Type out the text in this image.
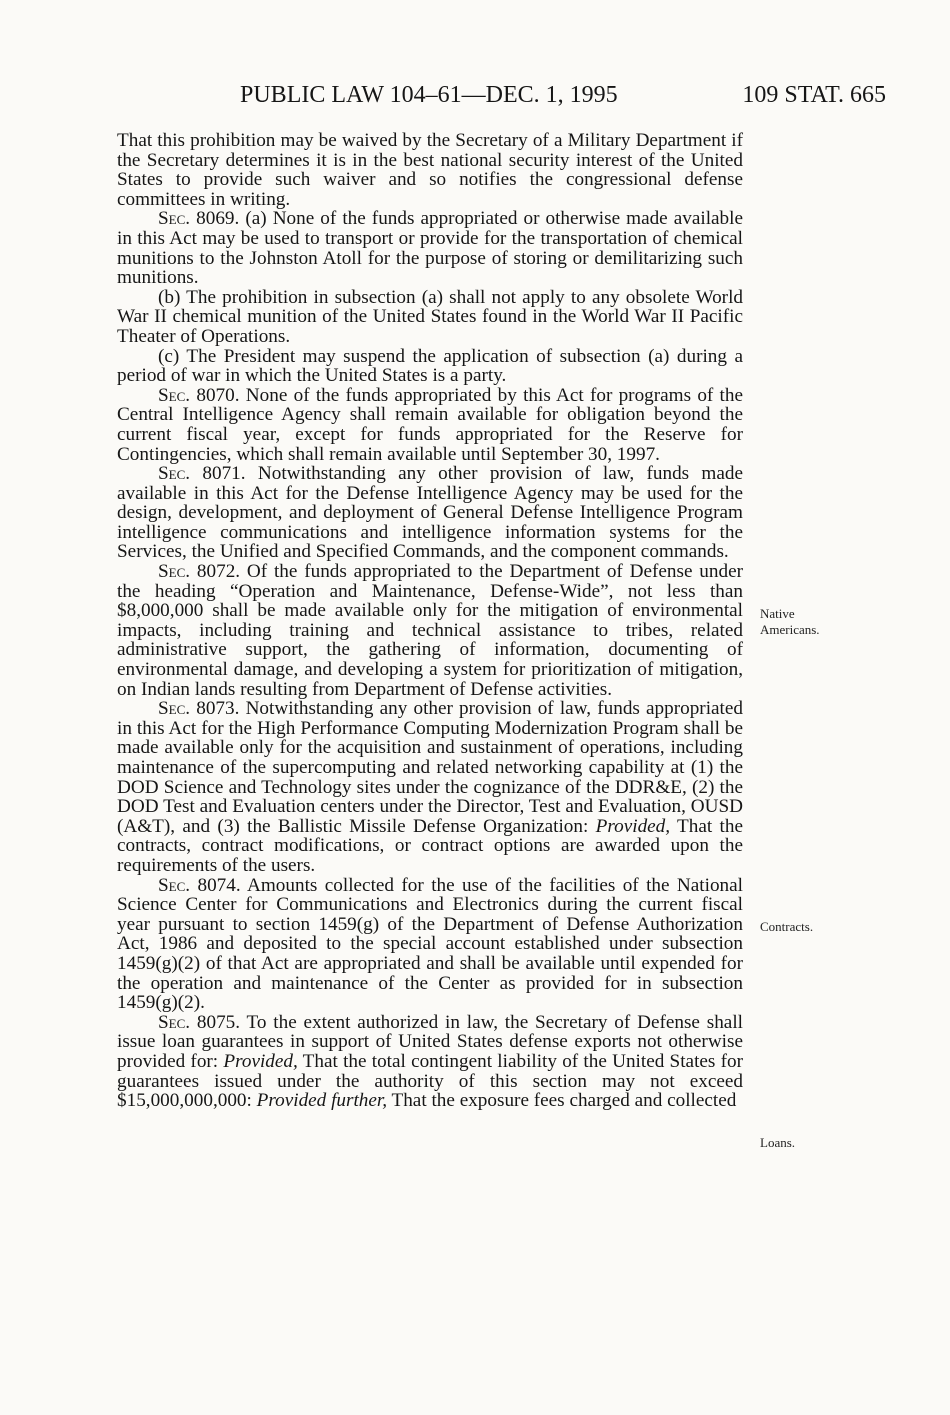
PUBLIC LAW 104–61—DEC. 1, 1995	109 STAT. 665

That this prohibition may be waived by the Secretary of a Military Department if the Secretary determines it is in the best national security interest of the United States to provide such waiver and so notifies the congressional defense committees in writing.

Sec. 8069. (a) None of the funds appropriated or otherwise made available in this Act may be used to transport or provide for the transportation of chemical munitions to the Johnston Atoll for the purpose of storing or demilitarizing such munitions.

(b) The prohibition in subsection (a) shall not apply to any obsolete World War II chemical munition of the United States found in the World War II Pacific Theater of Operations.

(c) The President may suspend the application of subsection (a) during a period of war in which the United States is a party.

Sec. 8070. None of the funds appropriated by this Act for programs of the Central Intelligence Agency shall remain available for obligation beyond the current fiscal year, except for funds appropriated for the Reserve for Contingencies, which shall remain available until September 30, 1997.

Sec. 8071. Notwithstanding any other provision of law, funds made available in this Act for the Defense Intelligence Agency may be used for the design, development, and deployment of General Defense Intelligence Program intelligence communications and intelligence information systems for the Services, the Unified and Specified Commands, and the component commands.

Sec. 8072. Of the funds appropriated to the Department of Defense under the heading “Operation and Maintenance, Defense-Wide”, not less than $8,000,000 shall be made available only for the mitigation of environmental impacts, including training and technical assistance to tribes, related administrative support, the gathering of information, documenting of environmental damage, and developing a system for prioritization of mitigation, on Indian lands resulting from Department of Defense activities.

Sec. 8073. Notwithstanding any other provision of law, funds appropriated in this Act for the High Performance Computing Modernization Program shall be made available only for the acquisition and sustainment of operations, including maintenance of the supercomputing and related networking capability at (1) the DOD Science and Technology sites under the cognizance of the DDR&E, (2) the DOD Test and Evaluation centers under the Director, Test and Evaluation, OUSD (A&T), and (3) the Ballistic Missile Defense Organization: Provided, That the contracts, contract modifications, or contract options are awarded upon the requirements of the users.

Sec. 8074. Amounts collected for the use of the facilities of the National Science Center for Communications and Electronics during the current fiscal year pursuant to section 1459(g) of the Department of Defense Authorization Act, 1986 and deposited to the special account established under subsection 1459(g)(2) of that Act are appropriated and shall be available until expended for the operation and maintenance of the Center as provided for in subsection 1459(g)(2).

Sec. 8075. To the extent authorized in law, the Secretary of Defense shall issue loan guarantees in support of United States defense exports not otherwise provided for: Provided, That the total contingent liability of the United States for guarantees issued under the authority of this section may not exceed $15,000,000,000: Provided further, That the exposure fees charged and collected

Native
Americans.
Contracts.
Loans.
